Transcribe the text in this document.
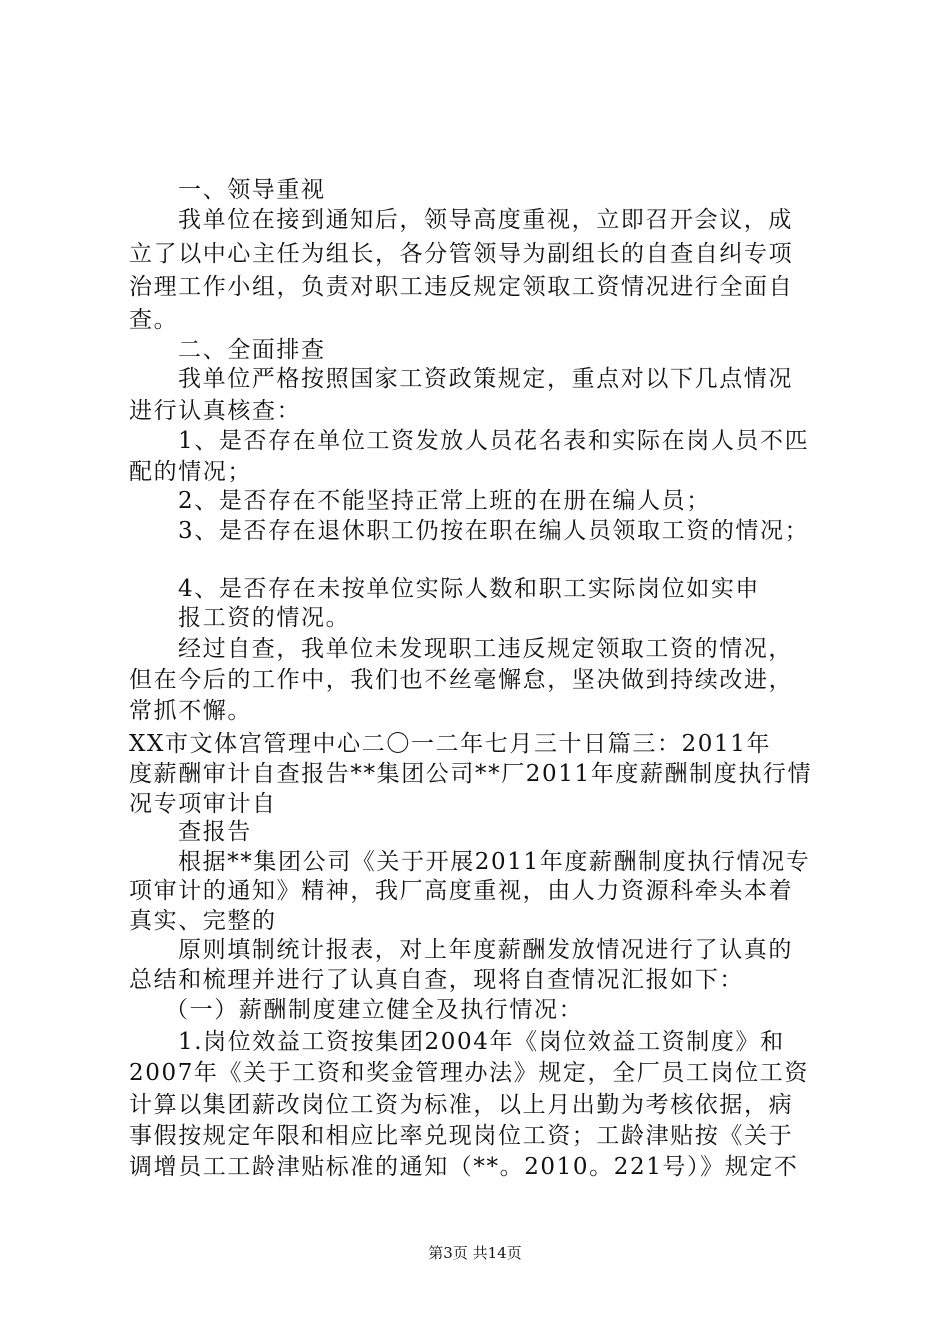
一、领导重视
我单位在接到通知后，领导高度重视，立即召开会议，成
立了以中心主任为组长，各分管领导为副组长的自查自纠专项
治理工作小组，负责对职工违反规定领取工资情况进行全面自
查。
二、全面排查
我单位严格按照国家工资政策规定，重点对以下几点情况
进行认真核查：
1、是否存在单位工资发放人员花名表和实际在岗人员不匹
配的情况；
2、是否存在不能坚持正常上班的在册在编人员；
3、是否存在退休职工仍按在职在编人员领取工资的情况；
4、是否存在未按单位实际人数和职工实际岗位如实申
报工资的情况。
经过自查，我单位未发现职工违反规定领取工资的情况，
但在今后的工作中，我们也不丝毫懈怠，坚决做到持续改进，
常抓不懈。
XX市文体宫管理中心二〇一二年七月三十日篇三：2011年
度薪酬审计自查报告**集团公司**厂2011年度薪酬制度执行情
况专项审计自
查报告
根据**集团公司《关于开展2011年度薪酬制度执行情况专
项审计的通知》精神，我厂高度重视，由人力资源科牵头本着
真实、完整的
原则填制统计报表，对上年度薪酬发放情况进行了认真的
总结和梳理并进行了认真自查，现将自查情况汇报如下：
（一）薪酬制度建立健全及执行情况：
1.岗位效益工资按集团2004年《岗位效益工资制度》和
2007年《关于工资和奖金管理办法》规定，全厂员工岗位工资
计算以集团薪改岗位工资为标准，以上月出勤为考核依据，病
事假按规定年限和相应比率兑现岗位工资；工龄津贴按《关于
调增员工工龄津贴标准的通知（**。2010。221号）》规定不
第3页 共14页
